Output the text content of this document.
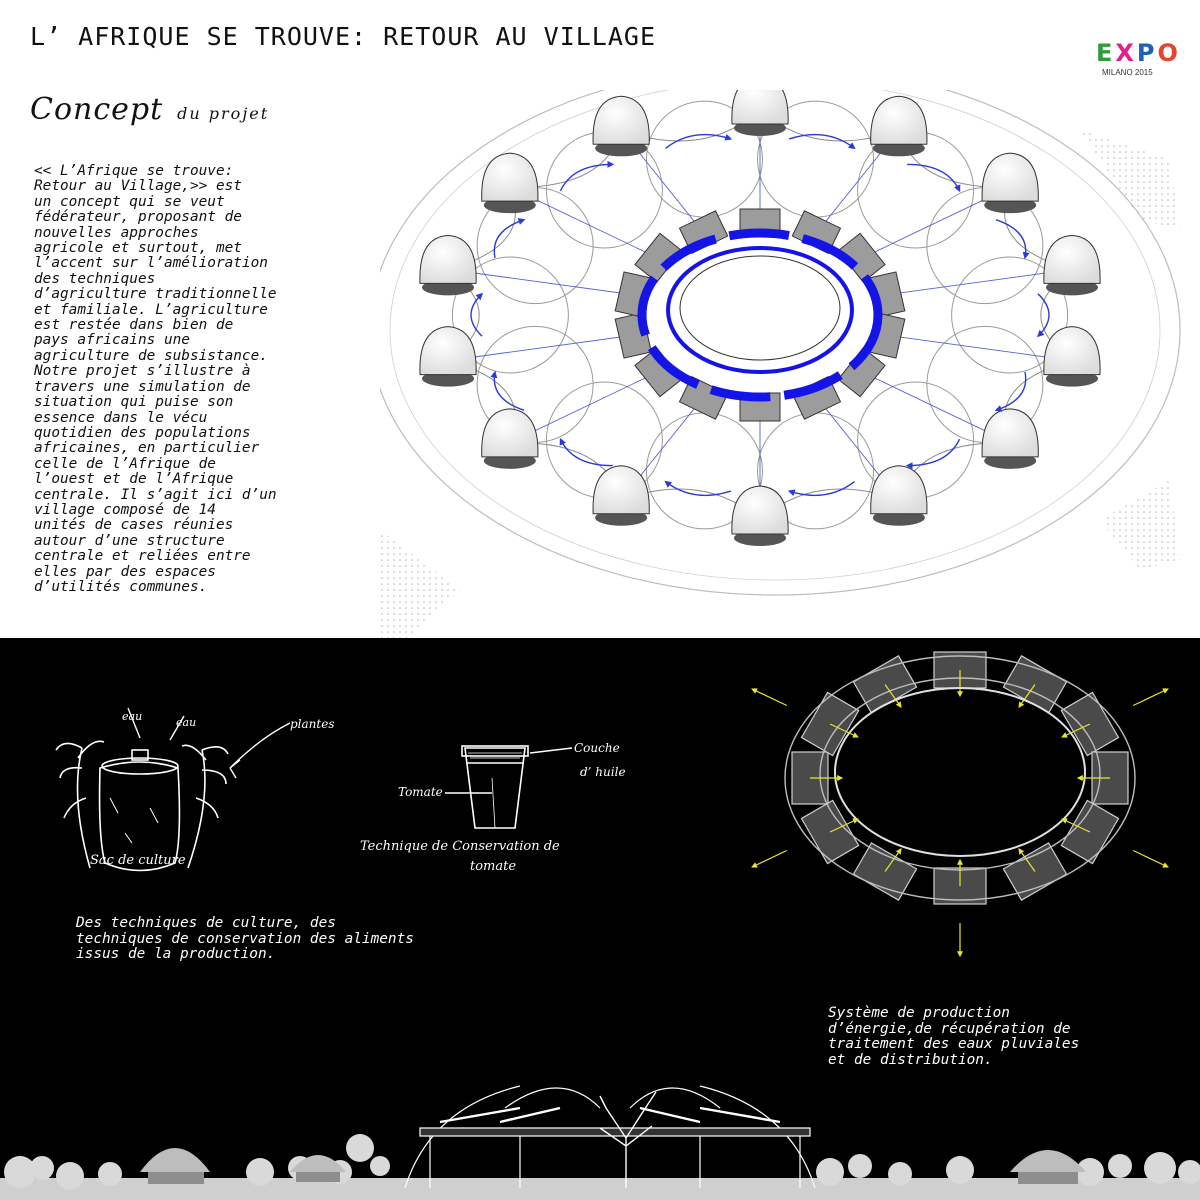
L’ AFRIQUE SE TROUVE: RETOUR AU VILLAGE
E X P O
MILANO 2015
Concept du projet
<< L’Afrique se trouve:
Retour au Village,>> est
un concept qui se veut
fédérateur, proposant de
nouvelles approches
agricole et surtout, met
l’accent sur l’amélioration
des techniques
d’agriculture traditionnelle
et familiale. L’agriculture
est restée dans bien de
pays africains une
agriculture de subsistance.
Notre projet s’illustre à
travers une simulation de
situation qui puise son
essence dans le vécu
quotidien des populations
africaines, en particulier
celle de l’Afrique de
l’ouest et de l’Afrique
centrale. Il s’agit ici d’un
village composé de 14
unités de cases réunies
autour d’une structure
centrale et reliées entre
elles par des espaces
d’utilités communes.
eau	eau	plantes
Sac de culture
Couche
d’ huile
Tomate
Technique de Conservation de
tomate
Des techniques de culture, des
techniques de conservation des aliments
issus de la production.
Système de production
d’énergie,de récupération de
traitement des eaux pluviales
et de distribution.
